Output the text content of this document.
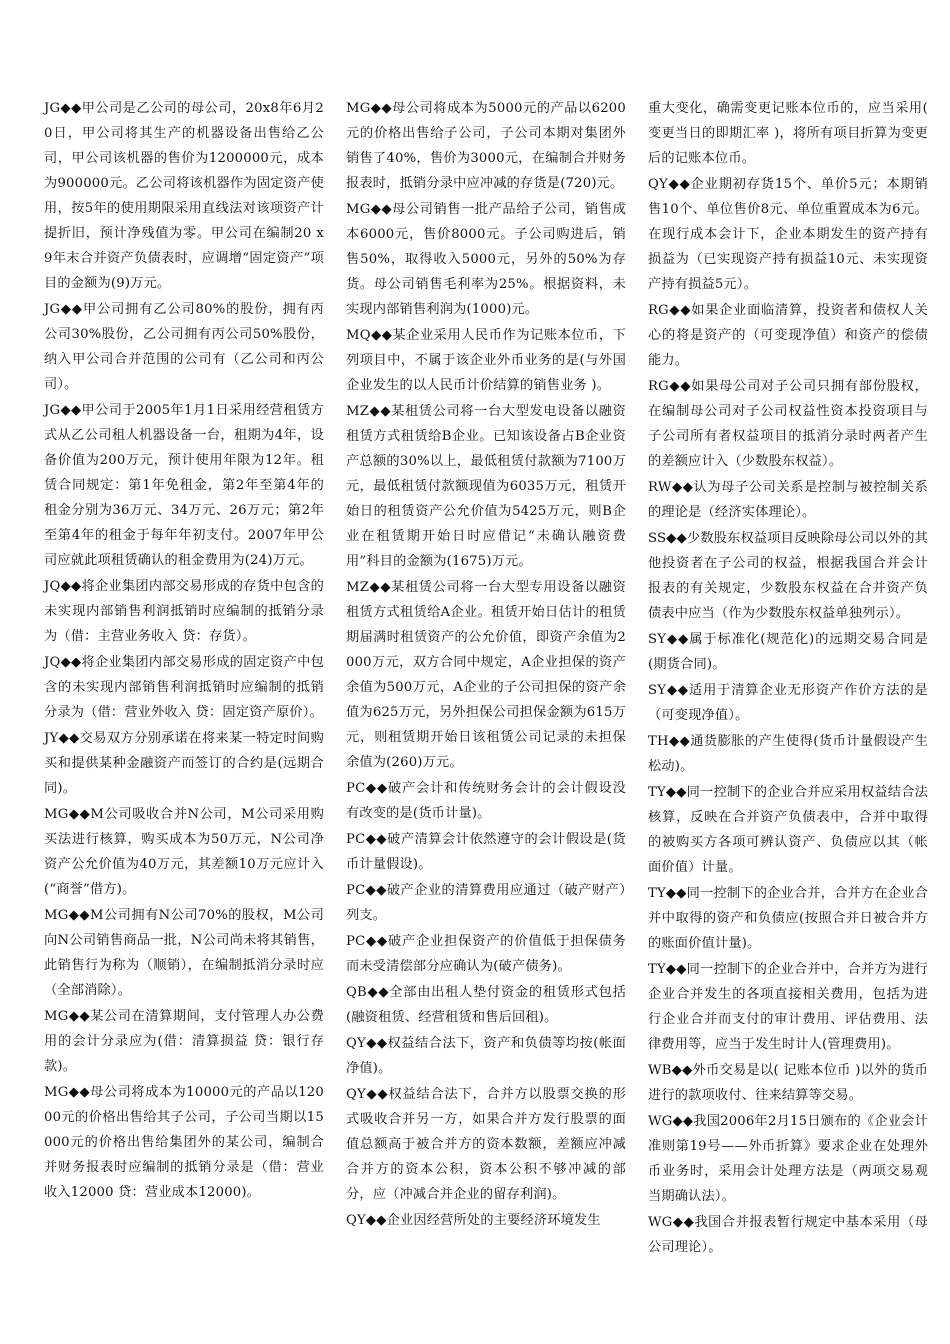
JG◆◆甲公司是乙公司的母公司，20x8年6月20日，甲公司将其生产的机器设备出售给乙公司，甲公司该机器的售价为1200000元，成本为900000元。乙公司将该机器作为固定资产使用，按5年的使用期限采用直线法对该项资产计提折旧，预计净残值为零。甲公司在编制20 x 9年末合并资产负债表时，应调增“固定资产”项目的金额为(9)万元。

JG◆◆甲公司拥有乙公司80%的股份，拥有丙公司30%股份，乙公司拥有丙公司50%股份，纳入甲公司合并范围的公司有（乙公司和丙公司）。

JG◆◆甲公司于2005年1月1日采用经营租赁方式从乙公司租人机器设备一台，租期为4年，设备价值为200万元，预计使用年限为12年。租赁合同规定：第1年免租金，第2年至第4年的租金分别为36万元、34万元、26万元；第2年至第4年的租金于每年年初支付。2007年甲公司应就此项租赁确认的租金费用为(24)万元。

JQ◆◆将企业集团内部交易形成的存货中包含的未实现内部销售利润抵销时应编制的抵销分录为（借：主营业务收入 贷：存货）。

JQ◆◆将企业集团内部交易形成的固定资产中包含的未实现内部销售利润抵销时应编制的抵销分录为（借：营业外收入 贷：固定资产原价）。

JY◆◆交易双方分别承诺在将来某一特定时间购买和提供某种金融资产而签订的合约是(远期合同)。

MG◆◆M公司吸收合并N公司，M公司采用购买法进行核算，购买成本为50万元，N公司净资产公允价值为40万元，其差额10万元应计入(“商誉”借方)。

MG◆◆M公司拥有N公司70%的股权，M公司向N公司销售商品一批，N公司尚未将其销售，此销售行为称为（顺销），在编制抵消分录时应（全部消除）。

MG◆◆某公司在清算期间，支付管理人办公费用的会计分录应为(借：清算损益 贷：银行存款)。

MG◆◆母公司将成本为10000元的产品以12000元的价格出售给其子公司，子公司当期以15000元的价格出售给集团外的某公司，编制合并财务报表时应编制的抵销分录是（借：营业收入12000 贷：营业成本12000)。

MG◆◆母公司将成本为5000元的产品以6200元的价格出售给子公司，子公司本期对集团外销售了40%，售价为3000元，在编制合并财务报表时，抵销分录中应冲减的存货是(720)元。

MG◆◆母公司销售一批产品给子公司，销售成本6000元，售价8000元。子公司购进后，销售50%，取得收入5000元，另外的50%为存货。母公司销售毛利率为25%。根据资料，未实现内部销售利润为(1000)元。

MQ◆◆某企业采用人民币作为记账本位币，下列项目中，不属于该企业外币业务的是(与外国企业发生的以人民币计价结算的销售业务 )。

MZ◆◆某租赁公司将一台大型发电设备以融资租赁方式租赁给B企业。已知该设备占B企业资产总额的30%以上，最低租赁付款额为7100万元，最低租赁付款额现值为6035万元，租赁开始日的租赁资产公允价值为5425万元，则B企业在租赁期开始日时应借记“未确认融资费用”科目的金额为(1675)万元。

MZ◆◆某租赁公司将一台大型专用设备以融资租赁方式租赁给A企业。租赁开始日估计的租赁期届满时租赁资产的公允价值，即资产余值为2000万元，双方合同中规定，A企业担保的资产余值为500万元，A企业的子公司担保的资产余值为625万元，另外担保公司担保金额为615万元，则租赁期开始日该租赁公司记录的未担保余值为(260)万元。

PC◆◆破产会计和传统财务会计的会计假设没有改变的是(货币计量)。

PC◆◆破产清算会计依然遵守的会计假设是(货币计量假设)。

PC◆◆破产企业的清算费用应通过（破产财产）列支。

PC◆◆破产企业担保资产的价值低于担保债务而未受清偿部分应确认为(破产债务)。

QB◆◆全部由出租人垫付资金的租赁形式包括(融资租赁、经营租赁和售后回租)。

QY◆◆权益结合法下，资产和负债等均按(帐面净值)。

QY◆◆权益结合法下，合并方以股票交换的形式吸收合并另一方，如果合并方发行股票的面值总额高于被合并方的资本数额，差额应冲减合并方的资本公积，资本公积不够冲减的部分，应（冲减合并企业的留存利润)。

QY◆◆企业因经营所处的主要经济环境发生

重大变化，确需变更记账本位币的，应当采用( 变更当日的即期汇率 )，将所有项目折算为变更后的记账本位币。

QY◆◆企业期初存货15个、单价5元；本期销售10个、单位售价8元、单位重置成本为6元。在现行成本会计下，企业本期发生的资产持有损益为（已实现资产持有损益10元、未实现资产持有损益5元）。

RG◆◆如果企业面临清算，投资者和债权人关心的将是资产的（可变现净值）和资产的偿债能力。

RG◆◆如果母公司对子公司只拥有部份股权，在编制母公司对子公司权益性资本投资项目与子公司所有者权益项目的抵消分录时两者产生的差额应计入（少数股东权益）。

RW◆◆认为母子公司关系是控制与被控制关系的理论是（经济实体理论）。

SS◆◆少数股东权益项目反映除母公司以外的其他投资者在子公司的权益，根据我国合并会计报表的有关规定，少数股东权益在合并资产负债表中应当（作为少数股东权益单独列示）。

SY◆◆属于标准化(规范化)的远期交易合同是(期货合同)。

SY◆◆适用于清算企业无形资产作价方法的是（可变现净值）。

TH◆◆通货膨胀的产生使得(货币计量假设产生松动)。

TY◆◆同一控制下的企业合并应采用权益结合法核算，反映在合并资产负债表中，合并中取得的被购买方各项可辨认资产、负债应以其（帐面价值）计量。

TY◆◆同一控制下的企业合并，合并方在企业合并中取得的资产和负债应(按照合并日被合并方的账面价值计量)。

TY◆◆同一控制下的企业合并中，合并方为进行企业合并发生的各项直接相关费用，包括为进行企业合并而支付的审计费用、评估费用、法律费用等，应当于发生时计人(管理费用)。

WB◆◆外币交易是以( 记账本位币 )以外的货币进行的款项收付、往来结算等交易。

WG◆◆我国2006年2月15日颁布的《企业会计准则第19号——外币折算》要求企业在处理外币业务时，采用会计处理方法是（两项交易观当期确认法）。

WG◆◆我国合并报表暂行规定中基本采用（母公司理论）。
